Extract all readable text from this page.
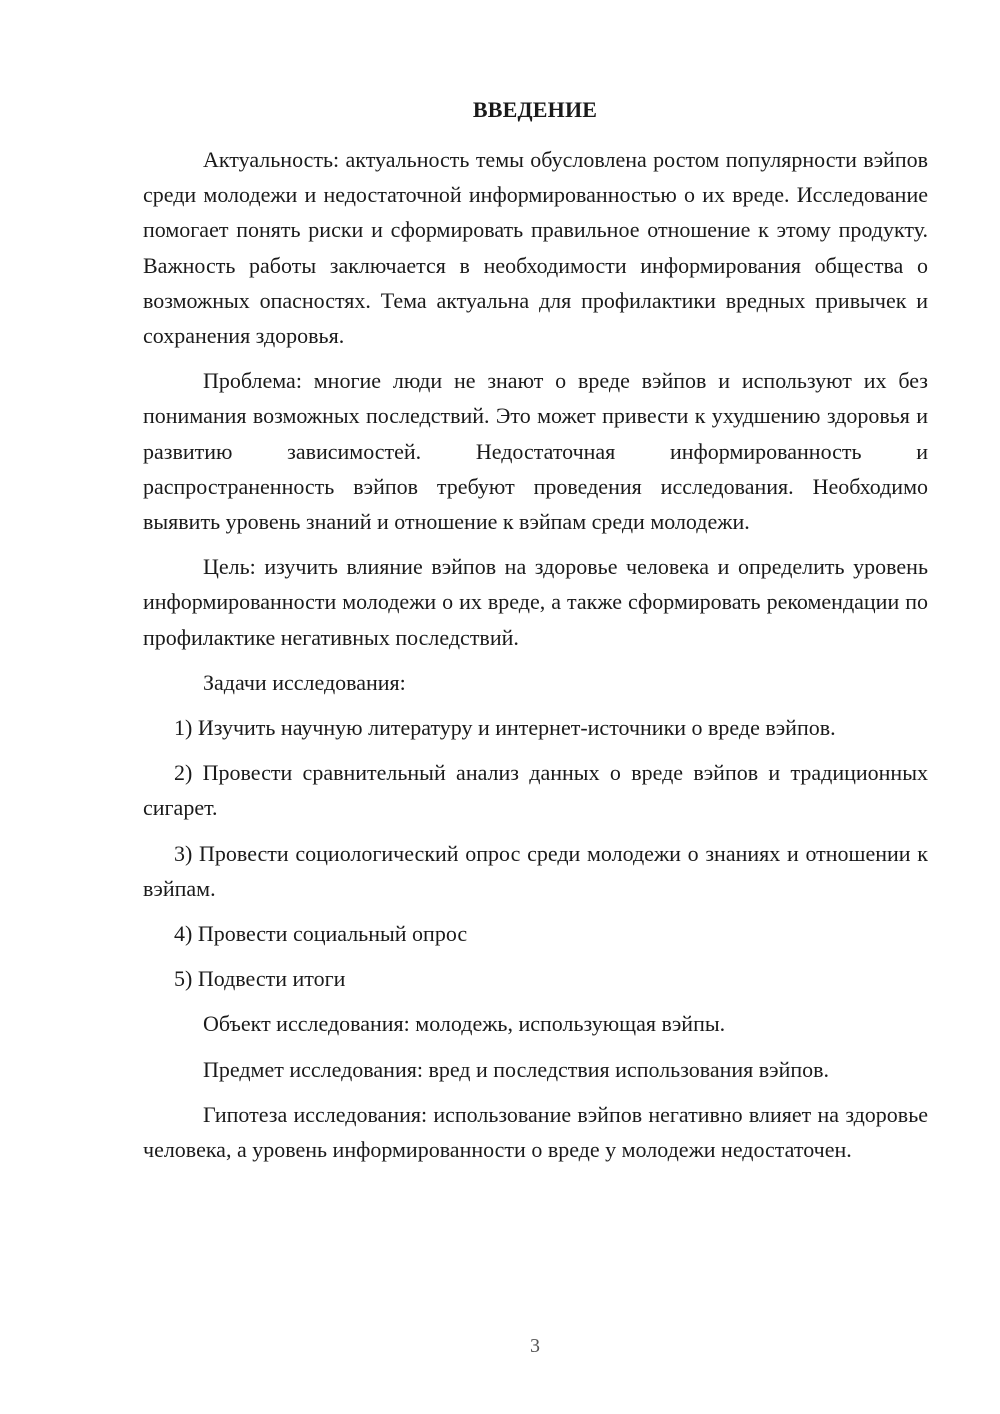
ВВЕДЕНИЕ

Актуальность: актуальность темы обусловлена ростом популярности вэйпов среди молодежи и недостаточной информированностью о их вреде. Исследование помогает понять риски и сформировать правильное отношение к этому продукту. Важность работы заключается в необходимости информирования общества о возможных опасностях. Тема актуальна для профилактики вредных привычек и сохранения здоровья.

Проблема: многие люди не знают о вреде вэйпов и используют их без понимания возможных последствий. Это может привести к ухудшению здоровья и развитию зависимостей. Недостаточная информированность и распространенность вэйпов требуют проведения исследования. Необходимо выявить уровень знаний и отношение к вэйпам среди молодежи.

Цель: изучить влияние вэйпов на здоровье человека и определить уровень информированности молодежи о их вреде, а также сформировать рекомендации по профилактике негативных последствий.

Задачи исследования:

1) Изучить научную литературу и интернет-источники о вреде вэйпов.

2) Провести сравнительный анализ данных о вреде вэйпов и традиционных сигарет.

3) Провести социологический опрос среди молодежи о знаниях и отношении к вэйпам.

4) Провести социальный опрос

5) Подвести итоги

Объект исследования: молодежь, использующая вэйпы.

Предмет исследования: вред и последствия использования вэйпов.

Гипотеза исследования: использование вэйпов негативно влияет на здоровье человека, а уровень информированности о вреде у молодежи недостаточен.

3
